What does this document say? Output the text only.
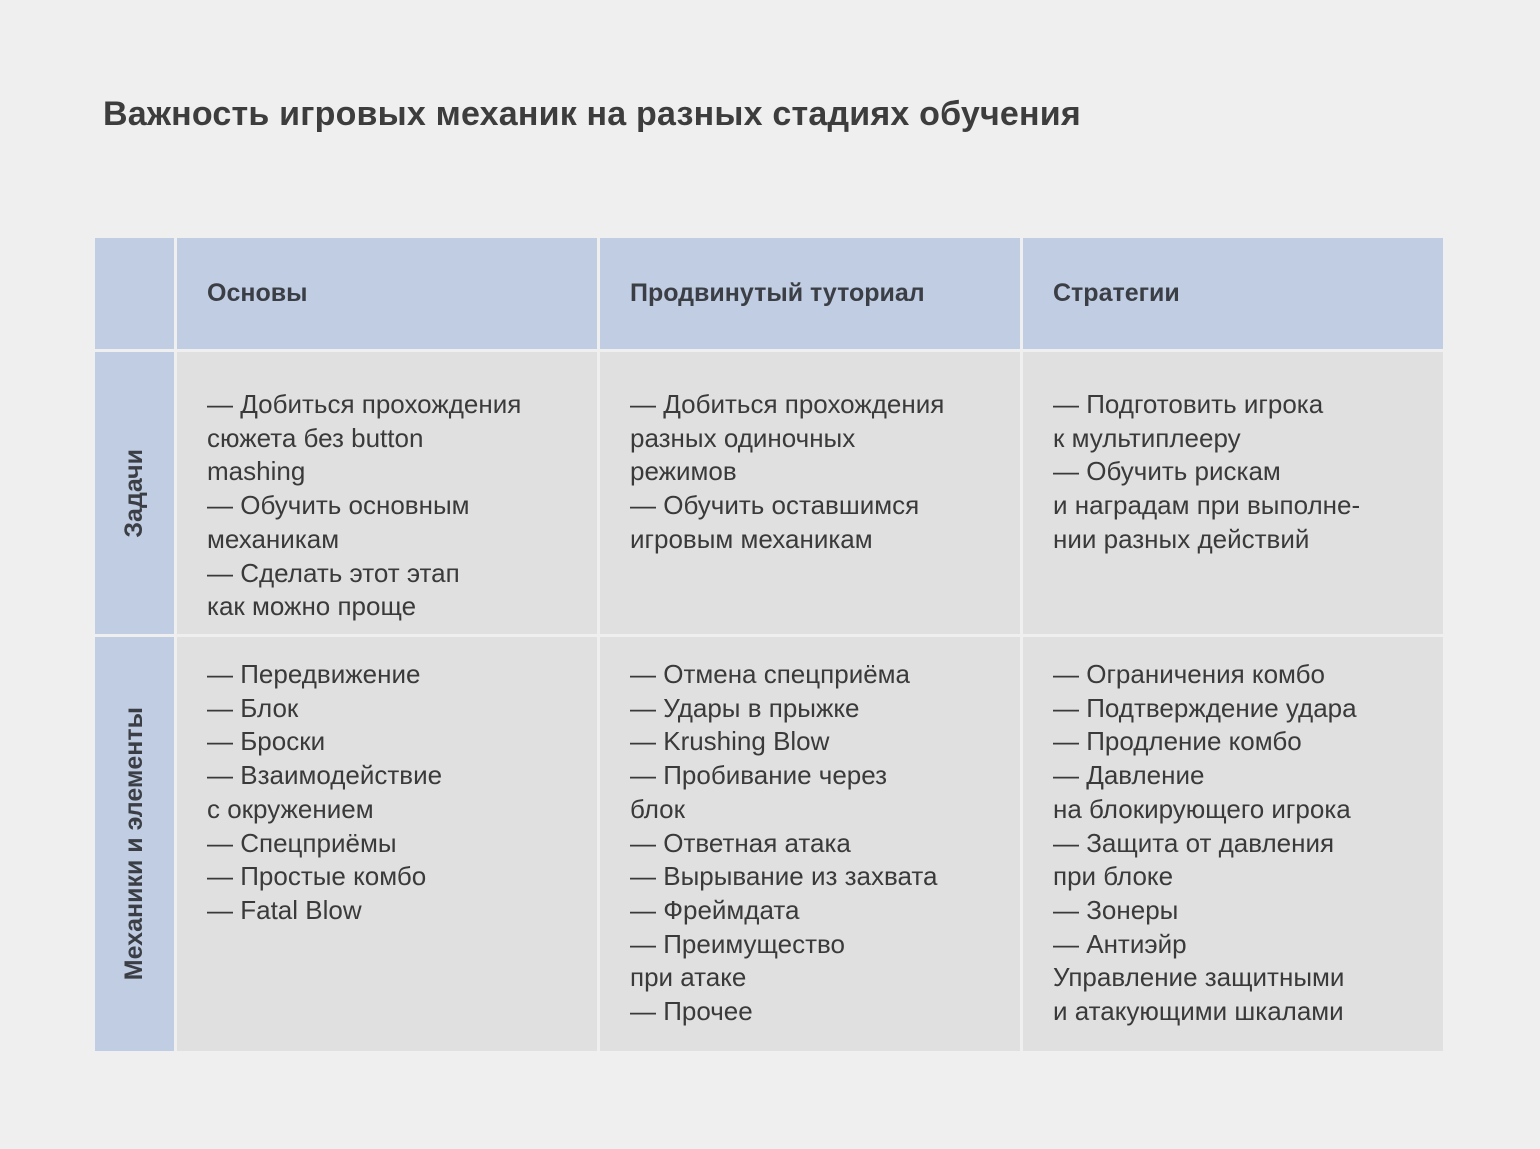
Важность игровых механик на разных стадиях обучения
Основы	Продвинутый туториал	Стратегии
Задачи
— Добиться прохождения
сюжета без button
mashing
— Обучить основным
механикам
— Сделать этот этап
как можно проще
— Добиться прохождения
разных одиночных
режимов
— Обучить оставшимся
игровым механикам
— Подготовить игрока
к мультиплееру
— Обучить рискам
и наградам при выполне-
нии разных действий
Механики и элементы
— Передвижение
— Блок
— Броски
— Взаимодействие
с окружением
— Спецприёмы
— Простые комбо
— Fatal Blow
— Отмена спецприёма
— Удары в прыжке
— Krushing Blow
— Пробивание через
блок
— Ответная атака
— Вырывание из захвата
— Фреймдата
— Преимущество
при атаке
— Прочее
— Ограничения комбо
— Подтверждение удара
— Продление комбо
— Давление
на блокирующего игрока
— Защита от давления
при блоке
— Зонеры
— Антиэйр
Управление защитными
и атакующими шкалами
